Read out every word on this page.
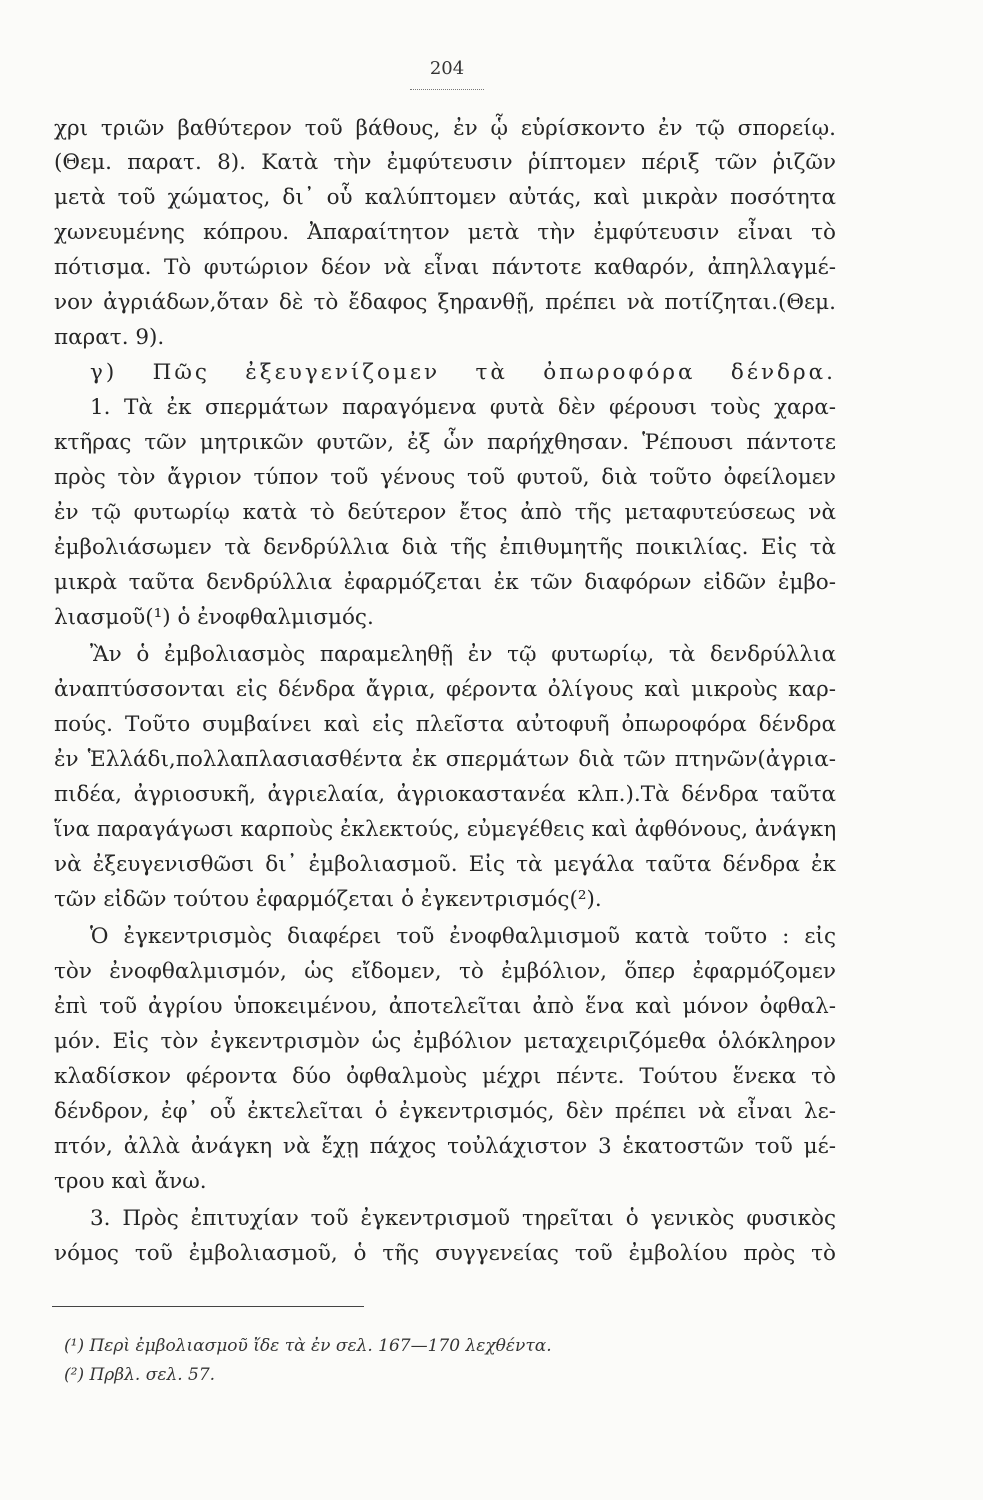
204
χρι τριῶν βαθύτερον τοῦ βάθους, ἐν ᾧ εὑρίσκοντο ἐν τῷ σπορείῳ.
(Θεμ. παρατ. 8). Κατὰ τὴν ἐμφύτευσιν ῥίπτομεν πέριξ τῶν ῥιζῶν
μετὰ τοῦ χώματος, δι᾽ οὗ καλύπτομεν αὐτάς, καὶ μικρὰν ποσότητα
χωνευμένης κόπρου. Ἀπαραίτητον μετὰ τὴν ἐμφύτευσιν εἶναι τὸ
πότισμα. Τὸ φυτώριον δέον νὰ εἶναι πάντοτε καθαρόν, ἀπηλλαγμέ-
νον ἀγριάδων,ὅταν δὲ τὸ ἔδαφος ξηρανθῇ, πρέπει νὰ ποτίζηται.(Θεμ.
παρατ. 9).
γ) Πῶς ἐξευγενίζομεν τὰ ὀπωροφόρα δένδρα.
1. Τὰ ἐκ σπερμάτων παραγόμενα φυτὰ δὲν φέρουσι τοὺς χαρα-
κτῆρας τῶν μητρικῶν φυτῶν, ἐξ ὧν παρήχθησαν. Ῥέπουσι πάντοτε
πρὸς τὸν ἄγριον τύπον τοῦ γένους τοῦ φυτοῦ, διὰ τοῦτο ὀφείλομεν
ἐν τῷ φυτωρίῳ κατὰ τὸ δεύτερον ἔτος ἀπὸ τῆς μεταφυτεύσεως νὰ
ἐμβολιάσωμεν τὰ δενδρύλλια διὰ τῆς ἐπιθυμητῆς ποικιλίας. Εἰς τὰ
μικρὰ ταῦτα δενδρύλλια ἐφαρμόζεται ἐκ τῶν διαφόρων εἰδῶν ἐμβο-
λιασμοῦ(¹) ὁ ἐνοφθαλμισμός.
Ἂν ὁ ἐμβολιασμὸς παραμεληθῇ ἐν τῷ φυτωρίῳ, τὰ δενδρύλλια
ἀναπτύσσονται εἰς δένδρα ἄγρια, φέροντα ὀλίγους καὶ μικροὺς καρ-
πούς. Τοῦτο συμβαίνει καὶ εἰς πλεῖστα αὐτοφυῆ ὀπωροφόρα δένδρα
ἐν Ἑλλάδι,πολλαπλασιασθέντα ἐκ σπερμάτων διὰ τῶν πτηνῶν(ἀγρια-
πιδέα, ἀγριοσυκῆ, ἀγριελαία, ἀγριοκαστανέα κλπ.).Τὰ δένδρα ταῦτα
ἵνα παραγάγωσι καρποὺς ἐκλεκτούς, εὐμεγέθεις καὶ ἀφθόνους, ἀνάγκη
νὰ ἐξευγενισθῶσι δι᾽ ἐμβολιασμοῦ. Εἰς τὰ μεγάλα ταῦτα δένδρα ἐκ
τῶν εἰδῶν τούτου ἐφαρμόζεται ὁ ἐγκεντρισμός(²).
Ὁ ἐγκεντρισμὸς διαφέρει τοῦ ἐνοφθαλμισμοῦ κατὰ τοῦτο : εἰς
τὸν ἐνοφθαλμισμόν, ὡς εἴδομεν, τὸ ἐμβόλιον, ὅπερ ἐφαρμόζομεν
ἐπὶ τοῦ ἀγρίου ὑποκειμένου, ἀποτελεῖται ἀπὸ ἕνα καὶ μόνον ὀφθαλ-
μόν. Εἰς τὸν ἐγκεντρισμὸν ὡς ἐμβόλιον μεταχειριζόμεθα ὁλόκληρον
κλαδίσκον φέροντα δύο ὀφθαλμοὺς μέχρι πέντε. Τούτου ἕνεκα τὸ
δένδρον, ἐφ᾽ οὗ ἐκτελεῖται ὁ ἐγκεντρισμός, δὲν πρέπει νὰ εἶναι λε-
πτόν, ἀλλὰ ἀνάγκη νὰ ἔχῃ πάχος τοὐλάχιστον 3 ἑκατοστῶν τοῦ μέ-
τρου καὶ ἄνω.
3. Πρὸς ἐπιτυχίαν τοῦ ἐγκεντρισμοῦ τηρεῖται ὁ γενικὸς φυσικὸς
νόμος τοῦ ἐμβολιασμοῦ, ὁ τῆς συγγενείας τοῦ ἐμβολίου πρὸς τὸ
(¹) Περὶ ἐμβολιασμοῦ ἴδε τὰ ἐν σελ. 167—170 λεχθέντα.
(²) Πρβλ. σελ. 57.
